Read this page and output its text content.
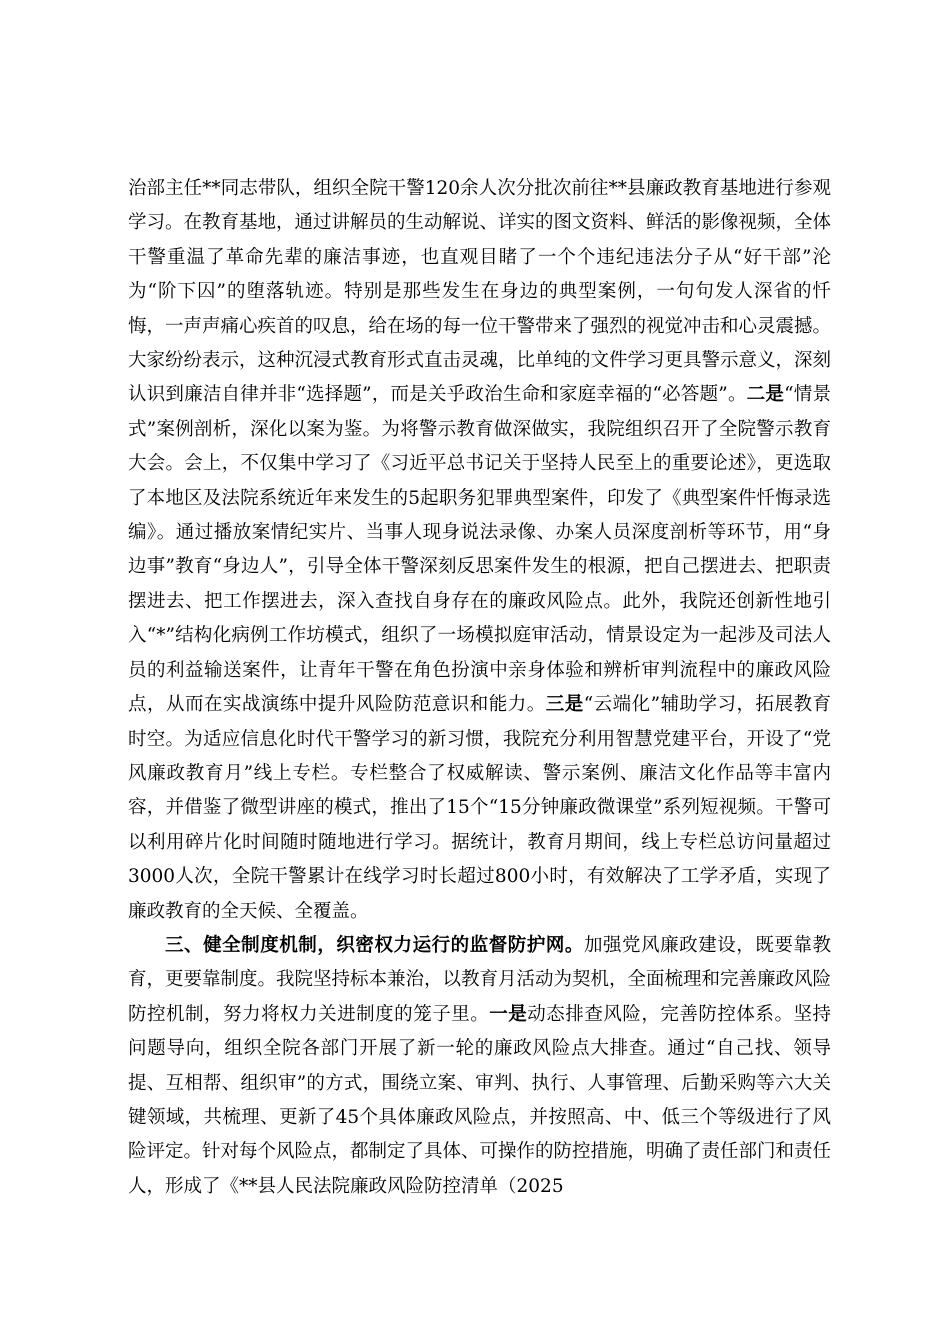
治部主任**同志带队，组织全院干警120余人次分批次前往**县廉政教育基地进行参观学习。在教育基地，通过讲解员的生动解说、详实的图文资料、鲜活的影像视频，全体干警重温了革命先辈的廉洁事迹，也直观目睹了一个个违纪违法分子从“好干部”沦为“阶下囚”的堕落轨迹。特别是那些发生在身边的典型案例，一句句发人深省的忏悔，一声声痛心疾首的叹息，给在场的每一位干警带来了强烈的视觉冲击和心灵震撼。大家纷纷表示，这种沉浸式教育形式直击灵魂，比单纯的文件学习更具警示意义，深刻认识到廉洁自律并非“选择题”，而是关乎政治生命和家庭幸福的“必答题”。二是“情景式”案例剖析，深化以案为鉴。为将警示教育做深做实，我院组织召开了全院警示教育大会。会上，不仅集中学习了《习近平总书记关于坚持人民至上的重要论述》，更选取了本地区及法院系统近年来发生的5起职务犯罪典型案件，印发了《典型案件忏悔录选编》。通过播放案情纪实片、当事人现身说法录像、办案人员深度剖析等环节，用“身边事”教育“身边人”，引导全体干警深刻反思案件发生的根源，把自己摆进去、把职责摆进去、把工作摆进去，深入查找自身存在的廉政风险点。此外，我院还创新性地引入“*”结构化病例工作坊模式，组织了一场模拟庭审活动，情景设定为一起涉及司法人员的利益输送案件，让青年干警在角色扮演中亲身体验和辨析审判流程中的廉政风险点，从而在实战演练中提升风险防范意识和能力。三是“云端化”辅助学习，拓展教育时空。为适应信息化时代干警学习的新习惯，我院充分利用智慧党建平台，开设了“党风廉政教育月”线上专栏。专栏整合了权威解读、警示案例、廉洁文化作品等丰富内容，并借鉴了微型讲座的模式，推出了15个“15分钟廉政微课堂”系列短视频。干警可以利用碎片化时间随时随地进行学习。据统计，教育月期间，线上专栏总访问量超过3000人次，全院干警累计在线学习时长超过800小时，有效解决了工学矛盾，实现了廉政教育的全天候、全覆盖。

三、健全制度机制，织密权力运行的监督防护网。加强党风廉政建设，既要靠教育，更要靠制度。我院坚持标本兼治，以教育月活动为契机，全面梳理和完善廉政风险防控机制，努力将权力关进制度的笼子里。一是动态排查风险，完善防控体系。坚持问题导向，组织全院各部门开展了新一轮的廉政风险点大排查。通过“自己找、领导提、互相帮、组织审”的方式，围绕立案、审判、执行、人事管理、后勤采购等六大关键领域，共梳理、更新了45个具体廉政风险点，并按照高、中、低三个等级进行了风险评定。针对每个风险点，都制定了具体、可操作的防控措施，明确了责任部门和责任人，形成了《**县人民法院廉政风险防控清单（2025
